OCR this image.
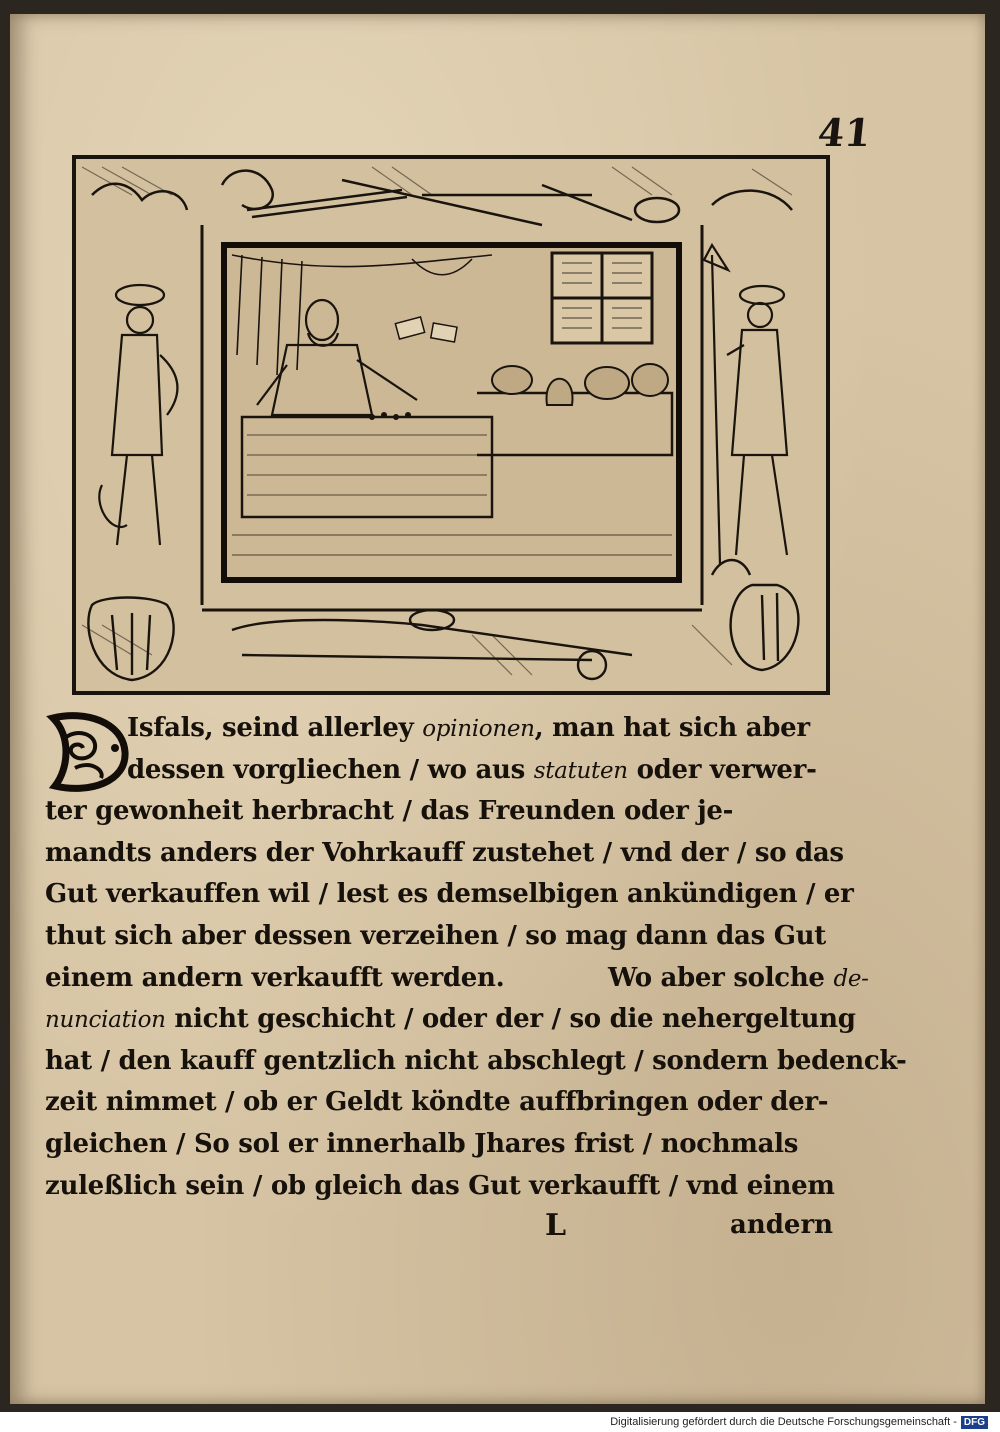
41
Isfals, seind allerley opinionen, man hat sich aber
dessen vorgliechen / wo aus statuten oder verwer-
ter gewonheit herbracht / das Freunden oder je-
mandts anders der Vohrkauff zustehet / vnd der / so das
Gut verkauffen wil / lest es demselbigen ankündigen / er
thut sich aber dessen verzeihen / so mag dann das Gut
einem andern verkaufft werden.	Wo aber solche de-
nunciation nicht geschicht / oder der / so die nehergeltung
hat / den kauff gentzlich nicht abschlegt / sondern bedenck-
zeit nimmet / ob er Geldt köndte auffbringen oder der-
gleichen / So sol er innerhalb Jhares frist / nochmals
zuleßlich sein / ob gleich das Gut verkaufft / vnd einem
L	andern
Digitalisierung gefördert durch die Deutsche Forschungsgemeinschaft - DFG
